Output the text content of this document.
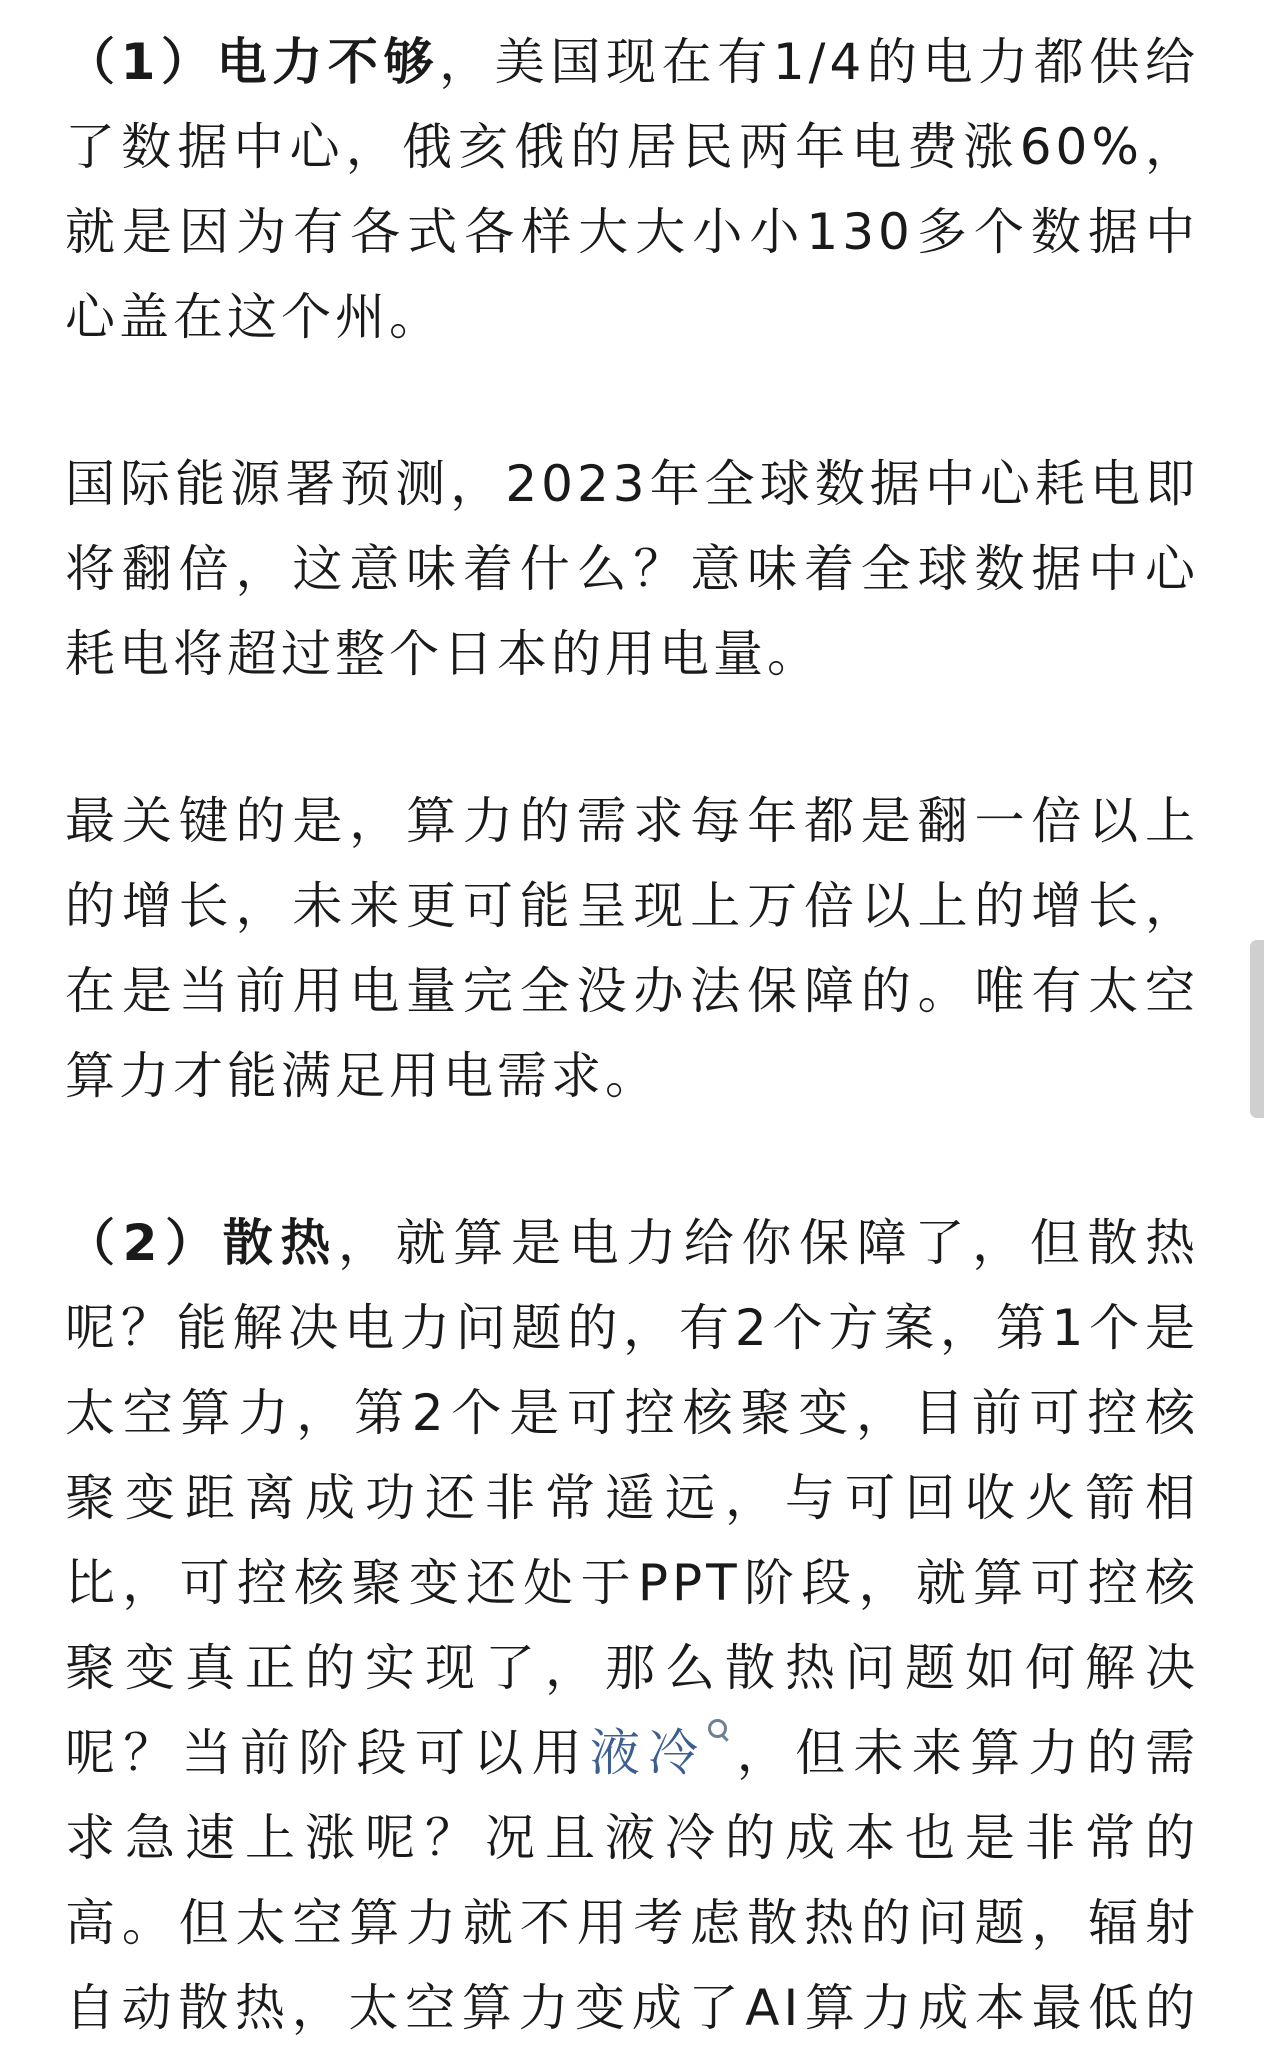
（1）电力不够，美国现在有1/4的电力都供给
了数据中心，俄亥俄的居民两年电费涨60%，
就是因为有各式各样大大小小130多个数据中
心盖在这个州。
国际能源署预测，2023年全球数据中心耗电即
将翻倍，这意味着什么？意味着全球数据中心
耗电将超过整个日本的用电量。
最关键的是，算力的需求每年都是翻一倍以上
的增长，未来更可能呈现上万倍以上的增长，
在是当前用电量完全没办法保障的。唯有太空
算力才能满足用电需求。
（2）散热，就算是电力给你保障了，但散热
呢？能解决电力问题的，有2个方案，第1个是
太空算力，第2个是可控核聚变，目前可控核
聚变距离成功还非常遥远，与可回收火箭相
比，可控核聚变还处于PPT阶段，就算可控核
聚变真正的实现了，那么散热问题如何解决
呢？当前阶段可以用液冷 ，但未来算力的需
求急速上涨呢？况且液冷的成本也是非常的
高。但太空算力就不用考虑散热的问题，辐射
自动散热，太空算力变成了AI算力成本最低的
